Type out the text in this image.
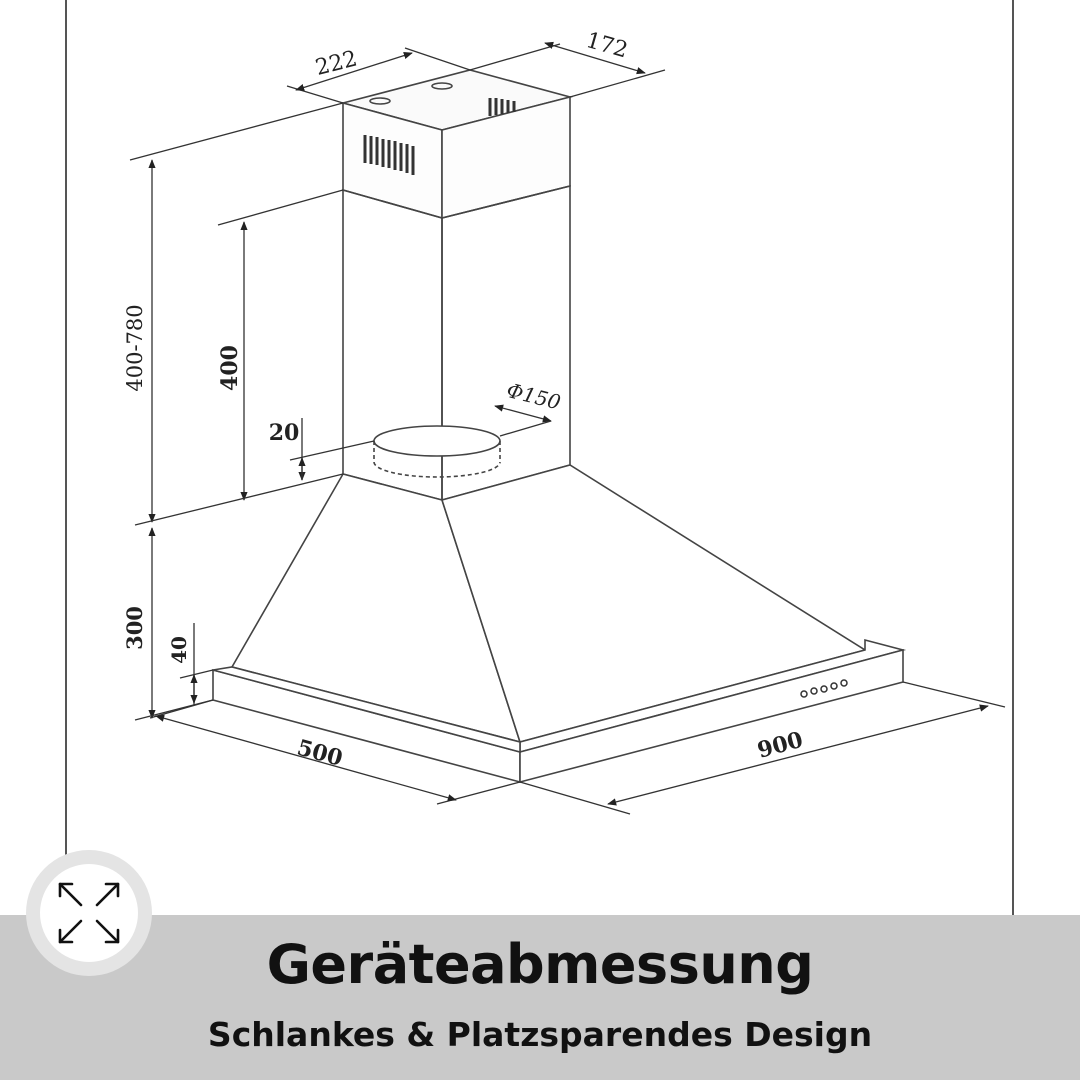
222
172
400-780	400
20
Φ150
300
40
500	900
Geräteabmessung
Schlankes & Platzsparendes Design
